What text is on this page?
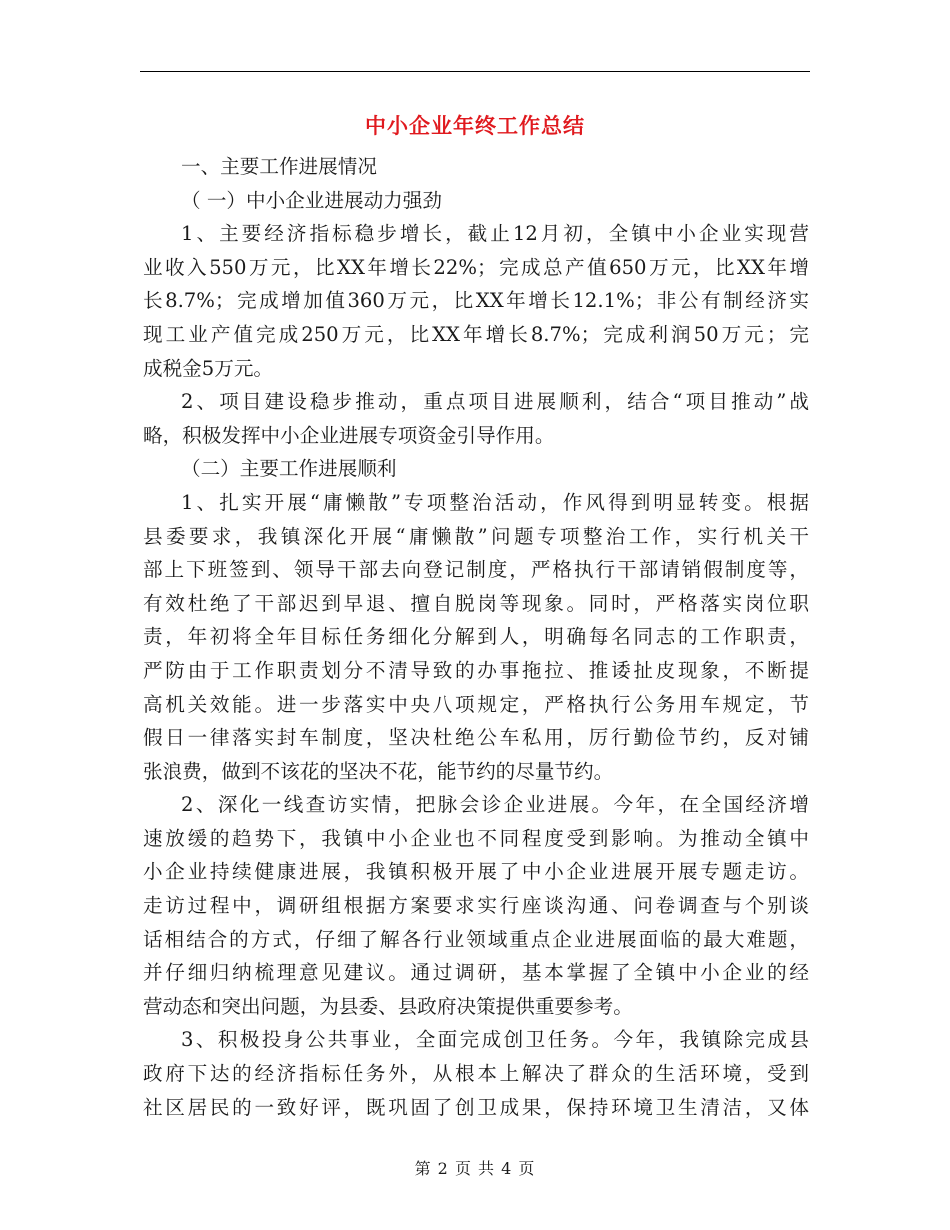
中小企业年终工作总结
一、主要工作进展情况
（ 一）中小企业进展动力强劲
1、主要经济指标稳步增长，截止12月初，全镇中小企业实现营
业收入550万元，比XX年增长22%；完成总产值650万元，比XX年增
长8.7%；完成增加值360万元，比XX年增长12.1%；非公有制经济实
现工业产值完成250万元，比XX年增长8.7%；完成利润50万元；完
成税金5万元。
2、项目建设稳步推动，重点项目进展顺利，结合“项目推动”战
略，积极发挥中小企业进展专项资金引导作用。
（二）主要工作进展顺利
1、扎实开展“庸懒散”专项整治活动，作风得到明显转变。根据
县委要求，我镇深化开展“庸懒散”问题专项整治工作，实行机关干
部上下班签到、领导干部去向登记制度，严格执行干部请销假制度等，
有效杜绝了干部迟到早退、擅自脱岗等现象。同时，严格落实岗位职
责，年初将全年目标任务细化分解到人，明确每名同志的工作职责，
严防由于工作职责划分不清导致的办事拖拉、推诿扯皮现象，不断提
高机关效能。进一步落实中央八项规定，严格执行公务用车规定，节
假日一律落实封车制度，坚决杜绝公车私用，厉行勤俭节约，反对铺
张浪费，做到不该花的坚决不花，能节约的尽量节约。
2、深化一线查访实情，把脉会诊企业进展。今年，在全国经济增
速放缓的趋势下，我镇中小企业也不同程度受到影响。为推动全镇中
小企业持续健康进展，我镇积极开展了中小企业进展开展专题走访。
走访过程中，调研组根据方案要求实行座谈沟通、问卷调查与个别谈
话相结合的方式，仔细了解各行业领域重点企业进展面临的最大难题，
并仔细归纳梳理意见建议。通过调研，基本掌握了全镇中小企业的经
营动态和突出问题，为县委、县政府决策提供重要参考。
3、积极投身公共事业，全面完成创卫任务。今年，我镇除完成县
政府下达的经济指标任务外，从根本上解决了群众的生活环境，受到
社区居民的一致好评，既巩固了创卫成果，保持环境卫生清洁，又体
第 2 页 共 4 页
